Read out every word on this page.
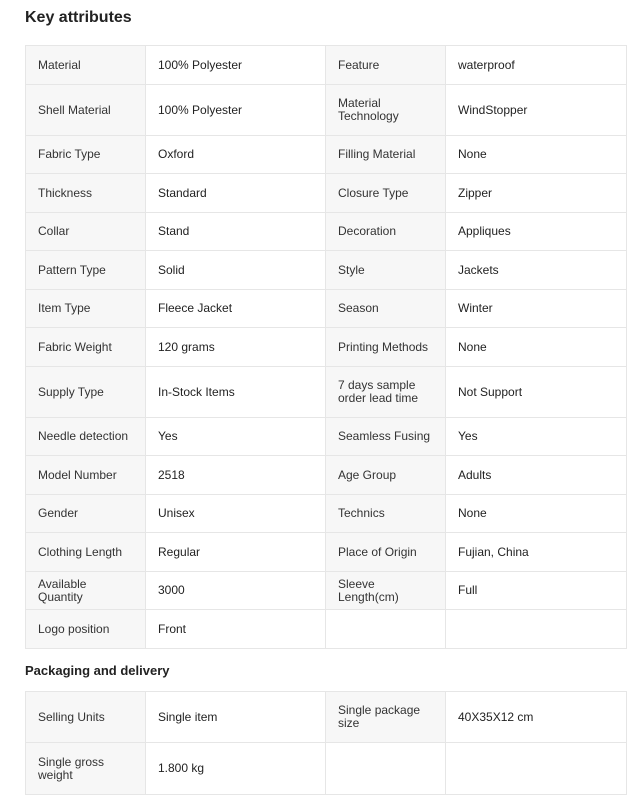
Key attributes
Material	100% Polyester	Feature	waterproof
Shell Material	100% Polyester	Material Technology	WindStopper
Fabric Type	Oxford	Filling Material	None
Thickness	Standard	Closure Type	Zipper
Collar	Stand	Decoration	Appliques
Pattern Type	Solid	Style	Jackets
Item Type	Fleece Jacket	Season	Winter
Fabric Weight	120 grams	Printing Methods	None
Supply Type	In-Stock Items	7 days sample order lead time	Not Support
Needle detection	Yes	Seamless Fusing	Yes
Model Number	2518	Age Group	Adults
Gender	Unisex	Technics	None
Clothing Length	Regular	Place of Origin	Fujian, China
Available Quantity	3000	Sleeve Length(cm)	Full
Logo position	Front		
Packaging and delivery
Selling Units	Single item	Single package size	40X35X12 cm
Single gross weight	1.800 kg		
